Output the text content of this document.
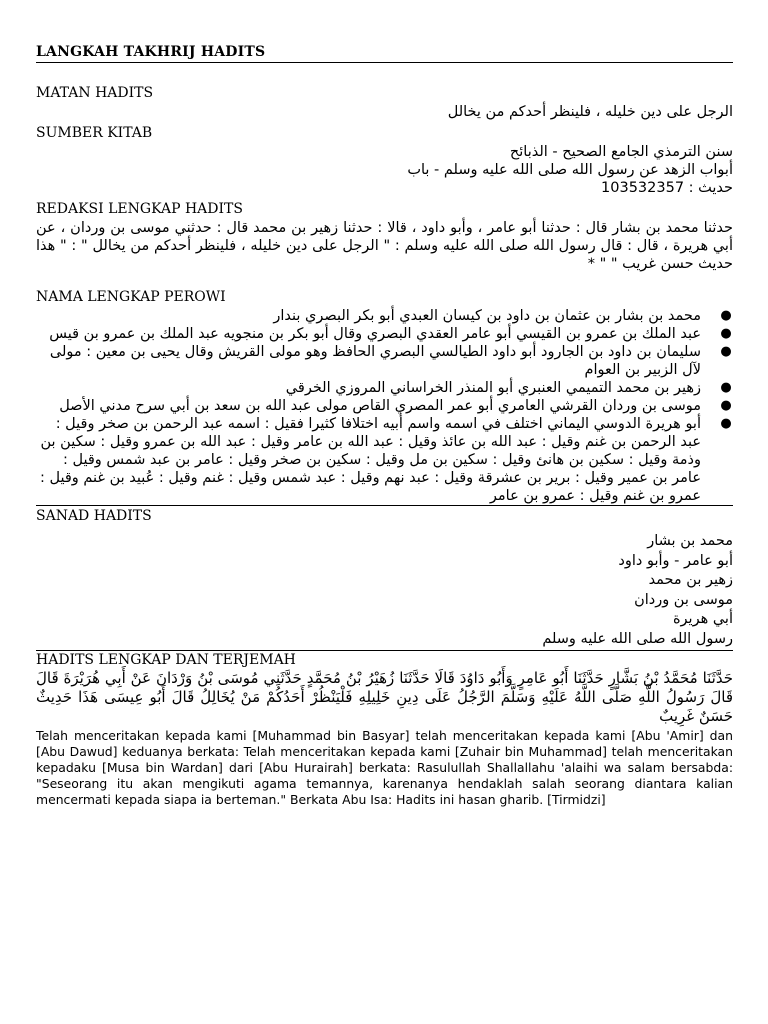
LANGKAH TAKHRIJ HADITS
MATAN HADITS
الرجل على دين خليله ، فلينظر أحدكم من يخالل
SUMBER KITAB
سنن الترمذي الجامع الصحيح - الذبائح
أبواب الزهد عن رسول الله صلى الله عليه وسلم - باب
حديث : 103532357
REDAKSI LENGKAP HADITS
حدثنا محمد بن بشار قال : حدثنا أبو عامر ، وأبو داود ، قالا : حدثنا زهير بن محمد قال : حدثني موسى بن وردان ، عن أبي هريرة ، قال : قال رسول الله صلى الله عليه وسلم : " الرجل على دين خليله ، فلينظر أحدكم من يخالل " : " هذا حديث حسن غريب " " *
NAMA LENGKAP PEROWI
●
محمد بن بشار بن عثمان بن داود بن كيسان العبدي أبو بكر البصري بندار
●
عبد الملك بن عمرو بن القيسي أبو عامر العقدي البصري وقال أبو بكر بن منجويه عبد الملك بن عمرو بن قيس
●
سليمان بن داود بن الجارود أبو داود الطيالسي البصري الحافظ وهو مولى القريش وقال يحيى بن معين : مولى لآل الزبير بن العوام
●
زهير بن محمد التميمي العنبري أبو المنذر الخراساني المروزي الخرقي
●
موسى بن وردان القرشي العامري أبو عمر المصري القاص مولى عبد الله بن سعد بن أبي سرح مدني الأصل
●
أبو هريرة الدوسي اليماني اختلف في اسمه واسم أبيه اختلافا كثيرا فقيل : اسمه عبد الرحمن بن صخر وقيل : عبد الرحمن بن غنم وقيل : عبد الله بن عائذ وقيل : عبد الله بن عامر وقيل : عبد الله بن عمرو وقيل : سكين بن وذمة وقيل : سكين بن هانئ وقيل : سكين بن مل وقيل : سكين بن صخر وقيل : عامر بن عبد شمس وقيل : عامر بن عمير وقيل : برير بن عشرقة وقيل : عبد نهم وقيل : عبد شمس وقيل : غنم وقيل : عُبيد بن غنم وقيل : عمرو بن غنم وقيل : عمرو بن عامر
SANAD HADITS
محمد بن بشار
أبو عامر - وأبو داود
زهير بن محمد
موسى بن وردان
أبي هريرة
رسول الله صلى الله عليه وسلم
HADITS LENGKAP DAN TERJEMAH
حَدَّثَنَا مُحَمَّدُ بْنُ بَشَّارٍ حَدَّثَنَا أَبُو عَامِرٍ وَأَبُو دَاوُدَ قَالَا حَدَّثَنَا زُهَيْرُ بْنُ مُحَمَّدٍ حَدَّثَنِي مُوسَى بْنُ وَرْدَانَ عَنْ أَبِي هُرَيْرَةَ قَالَ قَالَ رَسُولُ اللَّهِ صَلَّى اللَّهُ عَلَيْهِ وَسَلَّمَ الرَّجُلُ عَلَى دِينِ خَلِيلِهِ فَلْيَنْظُرْ أَحَدُكُمْ مَنْ يُخَالِلُ قَالَ أَبُو عِيسَى هَذَا حَدِيثٌ حَسَنٌ غَرِيبٌ
Telah menceritakan kepada kami [Muhammad bin Basyar] telah menceritakan kepada kami [Abu 'Amir] dan [Abu Dawud] keduanya berkata: Telah menceritakan kepada kami [Zuhair bin Muhammad] telah menceritakan kepadaku [Musa bin Wardan] dari [Abu Hurairah] berkata: Rasulullah Shallallahu 'alaihi wa salam bersabda: "Seseorang itu akan mengikuti agama temannya, karenanya hendaklah salah seorang diantara kalian mencermati kepada siapa ia berteman." Berkata Abu Isa: Hadits ini hasan gharib. [Tirmidzi]
